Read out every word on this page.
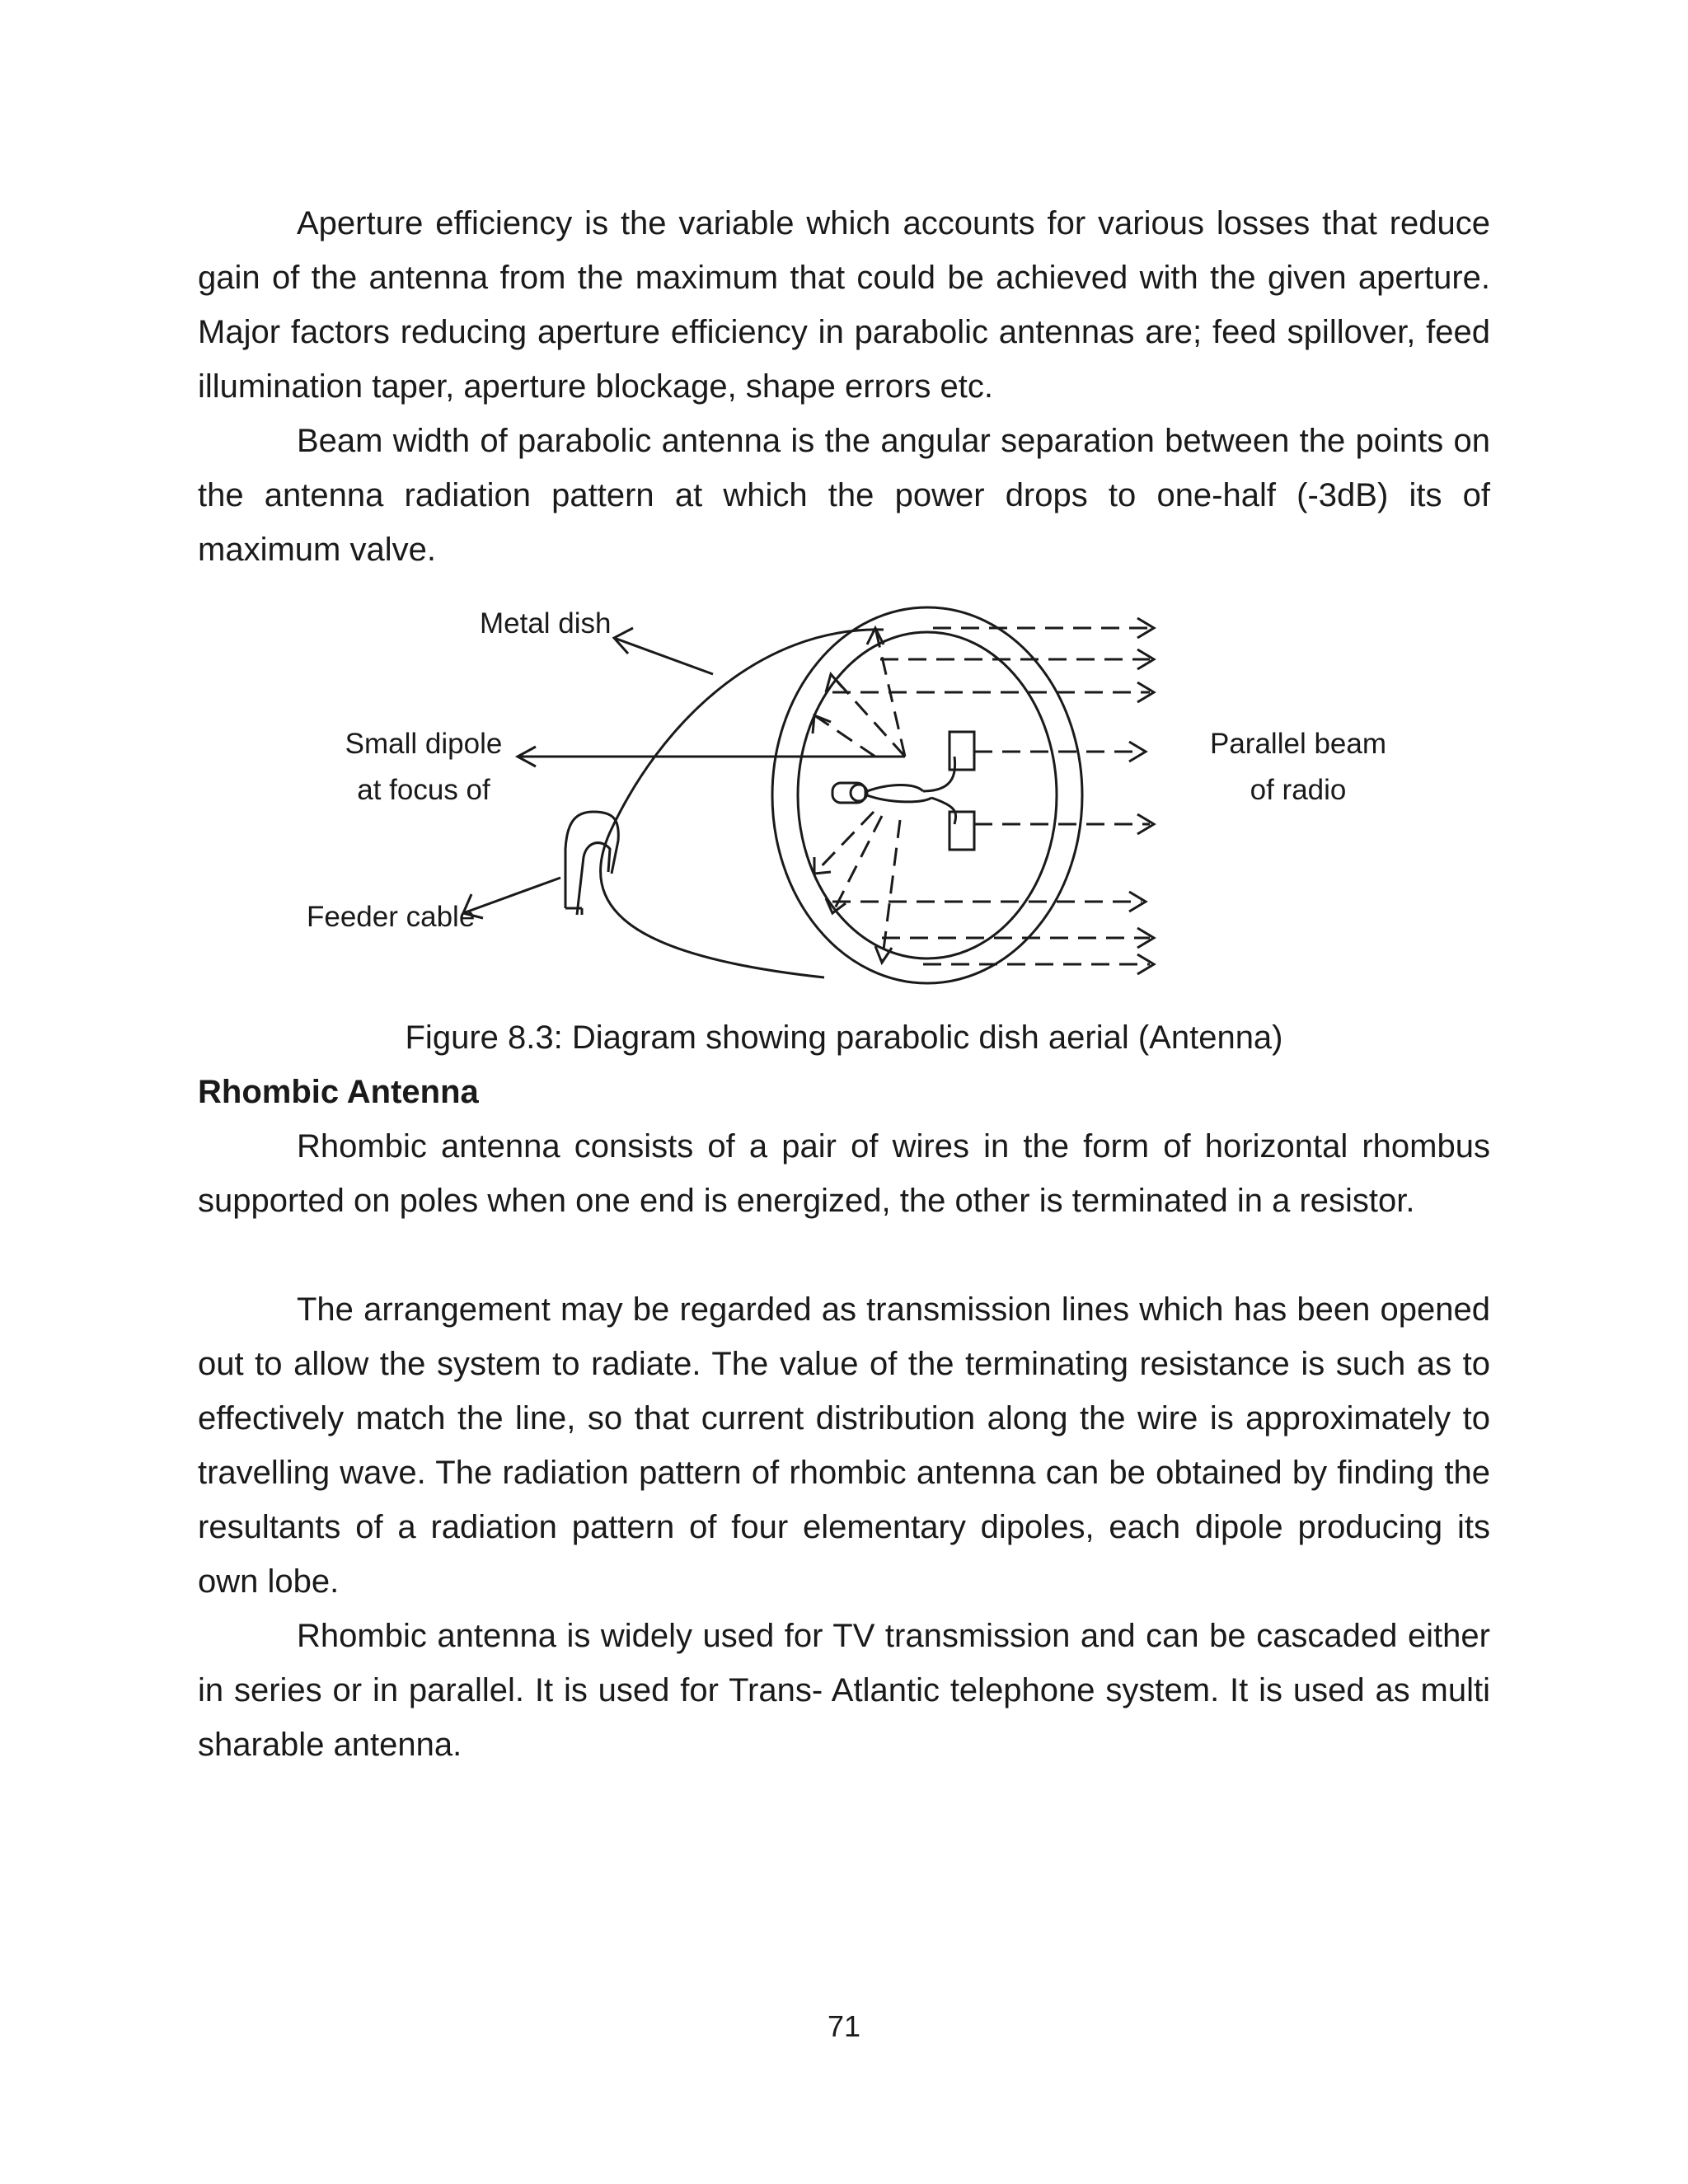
Aperture efficiency is the variable which accounts for various losses that reduce gain of the antenna from the maximum that could be achieved with the given aperture. Major factors reducing aperture efficiency in parabolic antennas are; feed spillover, feed illumination taper, aperture blockage, shape errors etc.

Beam width of parabolic antenna is the angular separation between the points on the antenna radiation pattern at which the power drops to one-half (-3dB) its of maximum valve.

Metal dish
Small dipole
at focus of
Feeder cable
Parallel beam
of radio

Figure 8.3: Diagram showing parabolic dish aerial (Antenna)

Rhombic Antenna

Rhombic antenna consists of a pair of wires in the form of horizontal rhombus supported on poles when one end is energized, the other is terminated in a resistor.

The arrangement may be regarded as transmission lines which has been opened out to allow the system to radiate. The value of the terminating resistance is such as to effectively match the line, so that current distribution along the wire is approximately to travelling wave. The radiation pattern of rhombic antenna can be obtained by finding the resultants of a radiation pattern of four elementary dipoles, each dipole producing its own lobe.

Rhombic antenna is widely used for TV transmission and can be cascaded either in series or in parallel. It is used for Trans- Atlantic telephone system. It is used as multi sharable antenna.

71
